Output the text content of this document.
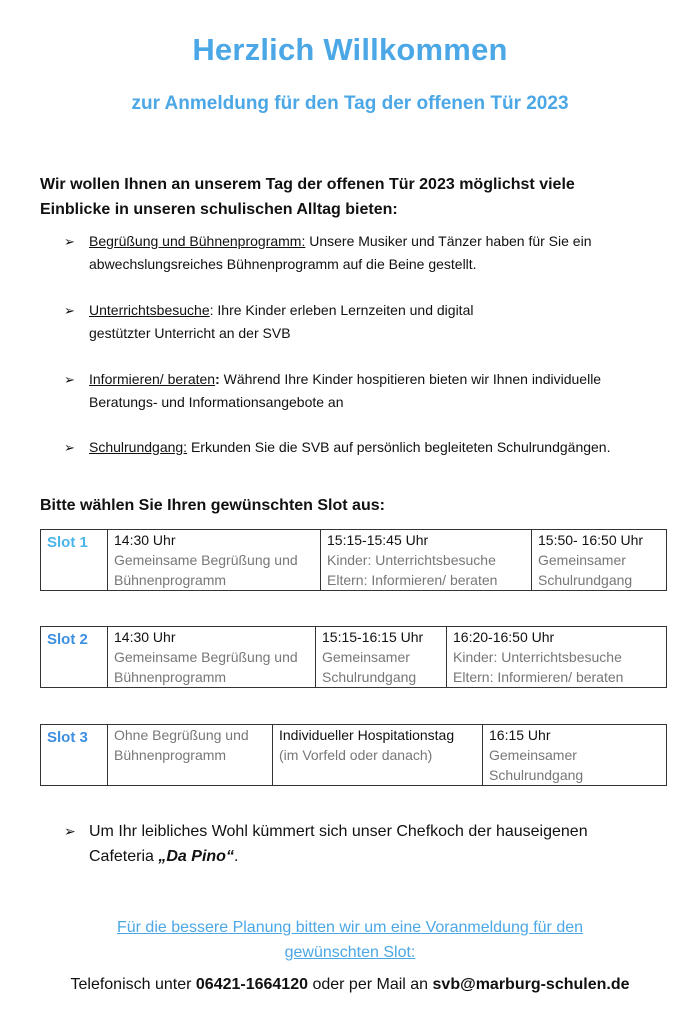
Herzlich Willkommen
zur Anmeldung für den Tag der offenen Tür 2023
Wir wollen Ihnen an unserem Tag der offenen Tür 2023 möglichst viele
Einblicke in unseren schulischen Alltag bieten:
➢ Begrüßung und Bühnenprogramm: Unsere Musiker und Tänzer haben für Sie ein
abwechslungsreiches Bühnenprogramm auf die Beine gestellt.
➢ Unterrichtsbesuche: Ihre Kinder erleben Lernzeiten und digital
gestützter Unterricht an der SVB
➢ Informieren/ beraten: Während Ihre Kinder hospitieren bieten wir Ihnen individuelle
Beratungs- und Informationsangebote an
➢ Schulrundgang: Erkunden Sie die SVB auf persönlich begleiteten Schulrundgängen.
Bitte wählen Sie Ihren gewünschten Slot aus:
Slot 1	14:30 Uhr
Gemeinsame Begrüßung und
Bühnenprogramm

15:15-15:45 Uhr
Kinder: Unterrichtsbesuche
Eltern: Informieren/ beraten

15:50- 16:50 Uhr
Gemeinsamer
Schulrundgang
Slot 2	14:30 Uhr
Gemeinsame Begrüßung und
Bühnenprogramm

15:15-16:15 Uhr
Gemeinsamer
Schulrundgang

16:20-16:50 Uhr
Kinder: Unterrichtsbesuche
Eltern: Informieren/ beraten
Slot 3	Ohne Begrüßung und
Bühnenprogramm

Individueller Hospitationstag
(im Vorfeld oder danach)

16:15 Uhr
Gemeinsamer
Schulrundgang
➢ Um Ihr leibliches Wohl kümmert sich unser Chefkoch der hauseigenen
Cafeteria „Da Pino“.
Für die bessere Planung bitten wir um eine Voranmeldung für den
gewünschten Slot:
Telefonisch unter 06421-1664120 oder per Mail an svb@marburg-schulen.de
